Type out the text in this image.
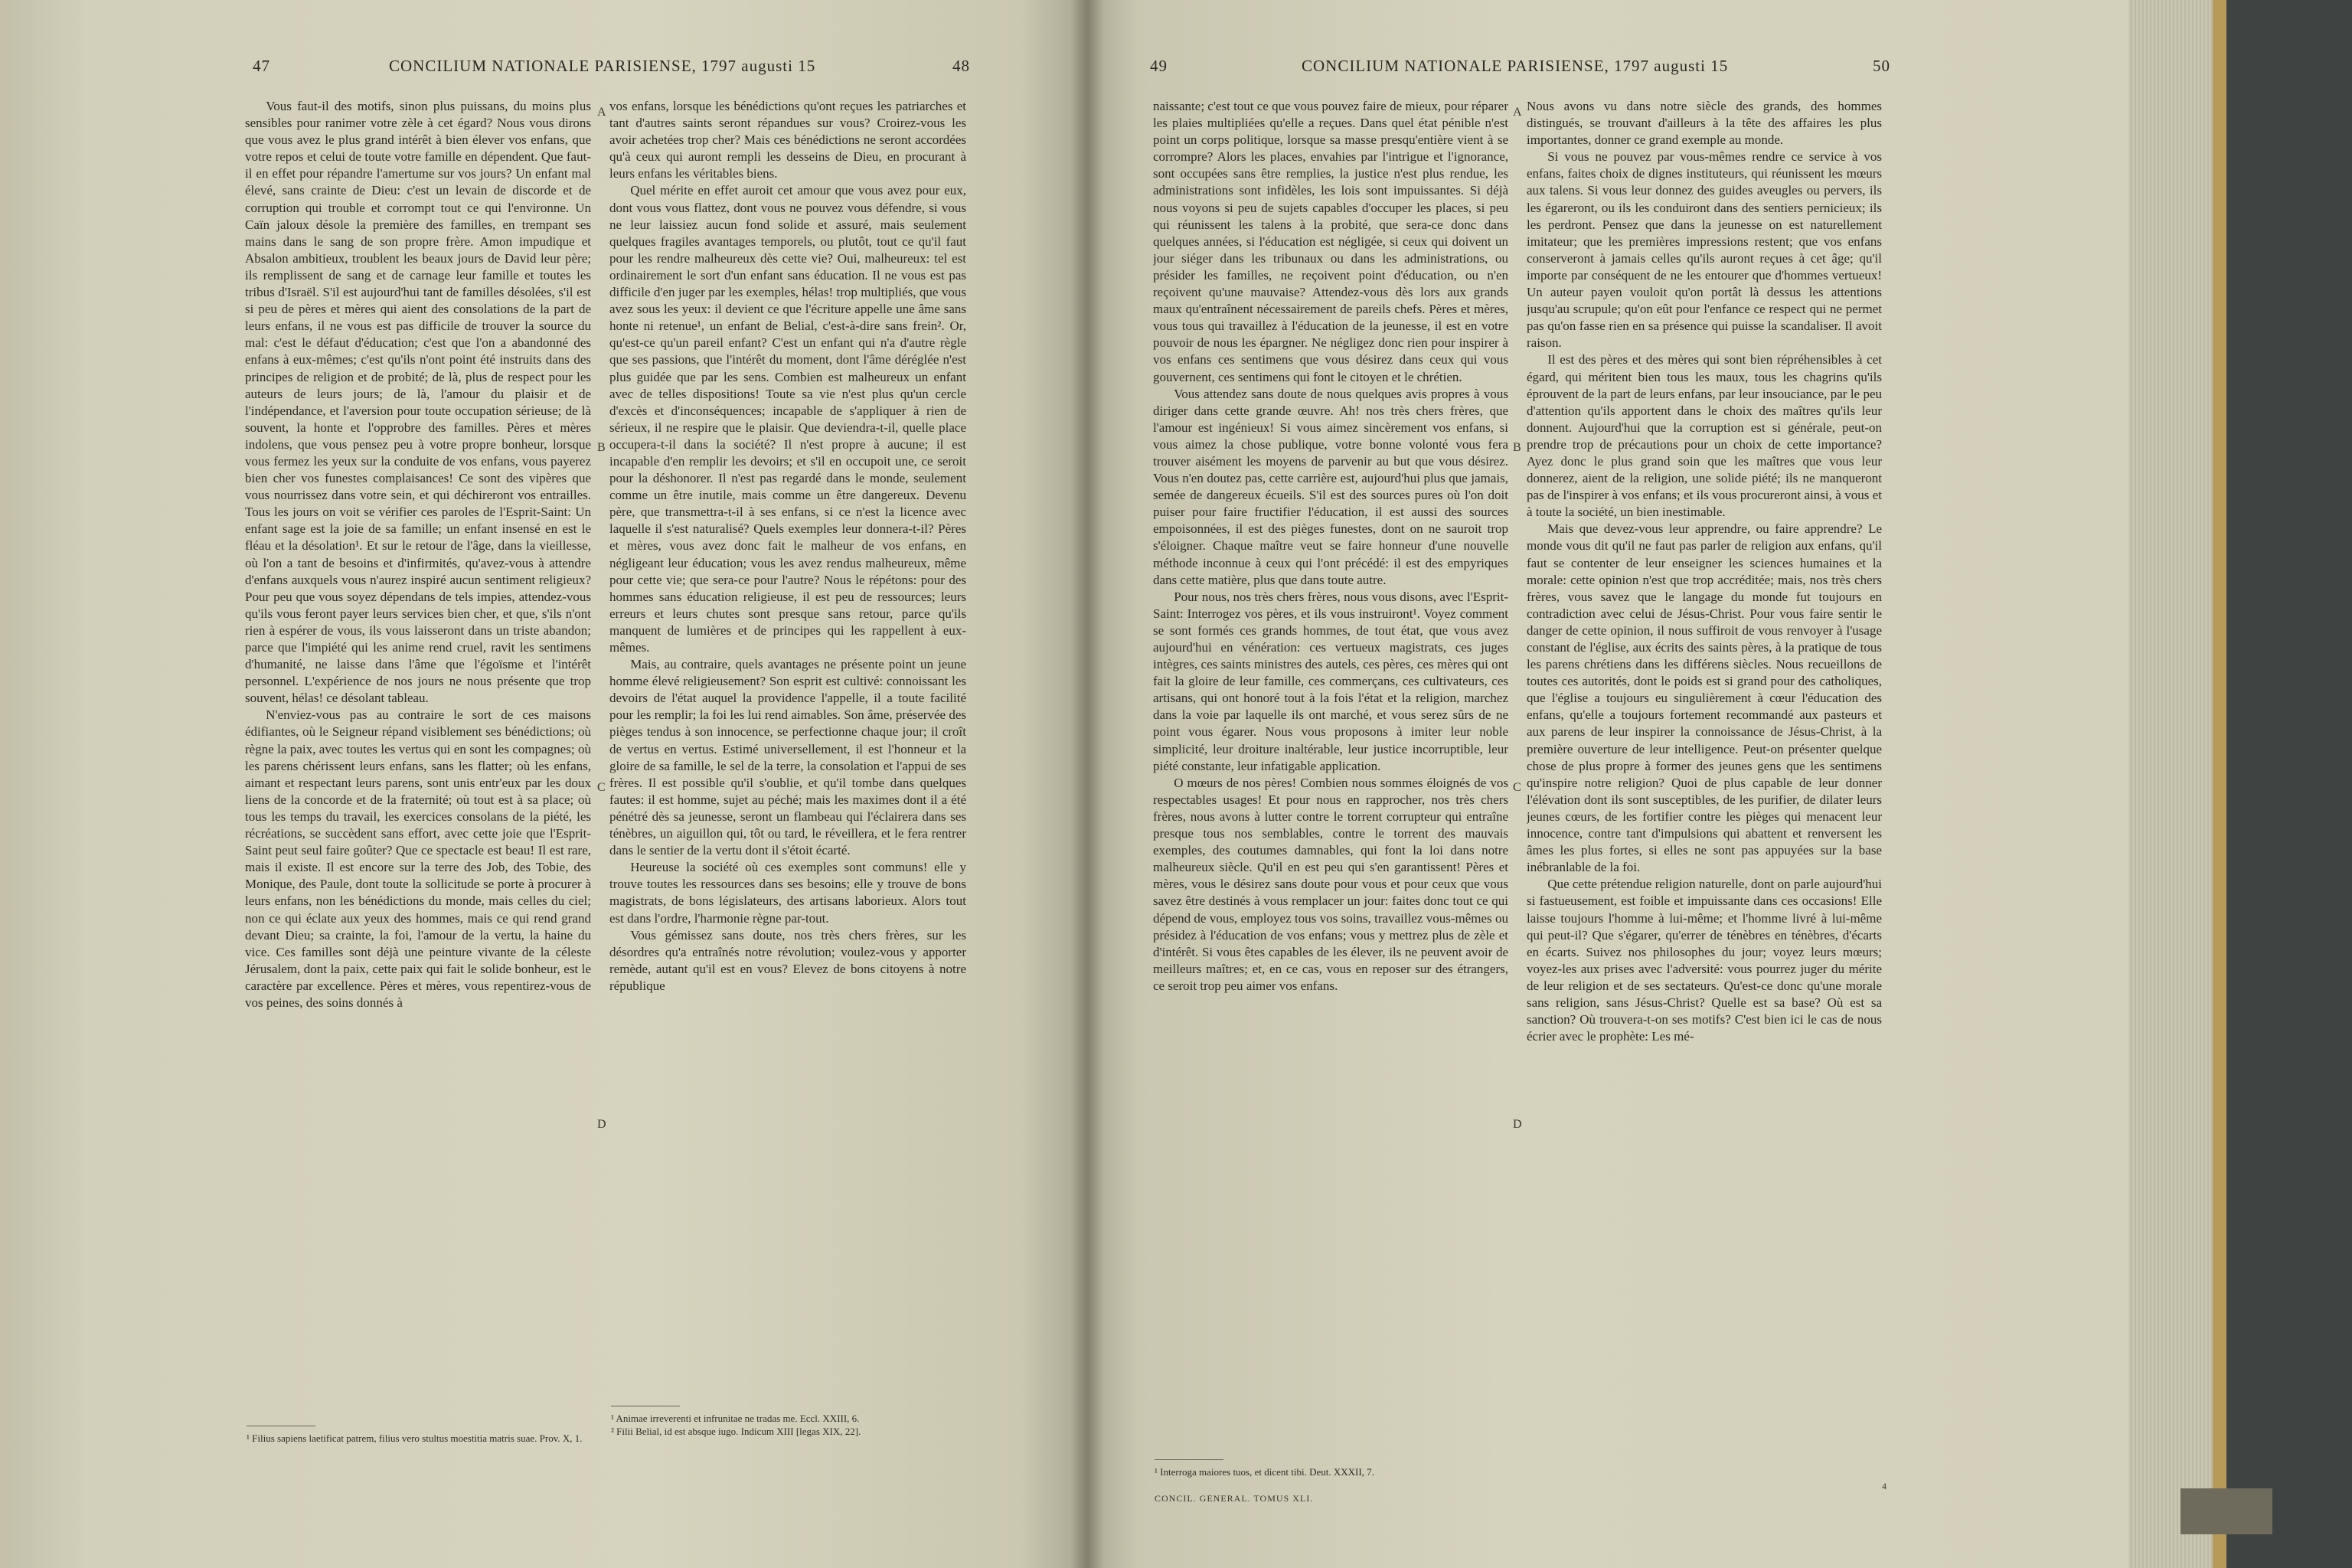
47	CONCILIUM NATIONALE PARISIENSE, 1797 augusti 15	48

Vous faut-il des motifs, sinon plus puissans, du moins plus sensibles pour ranimer votre zèle à cet égard? Nous vous dirons que vous avez le plus grand intérêt à bien élever vos enfans, que votre repos et celui de toute votre famille en dépendent. Que faut-il en effet pour répandre l'amertume sur vos jours? Un enfant mal élevé, sans crainte de Dieu: c'est un levain de discorde et de corruption qui trouble et corrompt tout ce qui l'environne. Un Caïn jaloux désole la première des familles, en trempant ses mains dans le sang de son propre frère. Amon impudique et Absalon ambitieux, troublent les beaux jours de David leur père; ils remplissent de sang et de carnage leur famille et toutes les tribus d'Israël. S'il est aujourd'hui tant de familles désolées, s'il est si peu de pères et mères qui aient des consolations de la part de leurs enfans, il ne vous est pas difficile de trouver la source du mal: c'est le défaut d'éducation; c'est que l'on a abandonné des enfans à eux-mêmes; c'est qu'ils n'ont point été instruits dans des principes de religion et de probité; de là, plus de respect pour les auteurs de leurs jours; de là, l'amour du plaisir et de l'indépendance, et l'aversion pour toute occupation sérieuse; de là souvent, la honte et l'opprobre des familles. Pères et mères indolens, que vous pensez peu à votre propre bonheur, lorsque vous fermez les yeux sur la conduite de vos enfans, vous payerez bien cher vos funestes complaisances! Ce sont des vipères que vous nourrissez dans votre sein, et qui déchireront vos entrailles. Tous les jours on voit se vérifier ces paroles de l'Esprit-Saint: Un enfant sage est la joie de sa famille; un enfant insensé en est le fléau et la désolation¹. Et sur le retour de l'âge, dans la vieillesse, où l'on a tant de besoins et d'infirmités, qu'avez-vous à attendre d'enfans auxquels vous n'aurez inspiré aucun sentiment religieux? Pour peu que vous soyez dépendans de tels impies, attendez-vous qu'ils vous feront payer leurs services bien cher, et que, s'ils n'ont rien à espérer de vous, ils vous laisseront dans un triste abandon; parce que l'impiété qui les anime rend cruel, ravit les sentimens d'humanité, ne laisse dans l'âme que l'égoïsme et l'intérêt personnel. L'expérience de nos jours ne nous présente que trop souvent, hélas! ce désolant tableau.

N'enviez-vous pas au contraire le sort de ces maisons édifiantes, où le Seigneur répand visiblement ses bénédictions; où règne la paix, avec toutes les vertus qui en sont les compagnes; où les parens chérissent leurs enfans, sans les flatter; où les enfans, aimant et respectant leurs parens, sont unis entr'eux par les doux liens de la concorde et de la fraternité; où tout est à sa place; où tous les temps du travail, les exercices consolans de la piété, les récréations, se succèdent sans effort, avec cette joie que l'Esprit-Saint peut seul faire goûter? Que ce spectacle est beau! Il est rare, mais il existe. Il est encore sur la terre des Job, des Tobie, des Monique, des Paule, dont toute la sollicitude se porte à procurer à leurs enfans, non les bénédictions du monde, mais celles du ciel; non ce qui éclate aux yeux des hommes, mais ce qui rend grand devant Dieu; sa crainte, la foi, l'amour de la vertu, la haine du vice. Ces familles sont déjà une peinture vivante de la céleste Jérusalem, dont la paix, cette paix qui fait le solide bonheur, est le caractère par excellence. Pères et mères, vous repentirez-vous de vos peines, des soins donnés à

A
B
C
D

vos enfans, lorsque les bénédictions qu'ont reçues les patriarches et tant d'autres saints seront répandues sur vous? Croirez-vous les avoir achetées trop cher? Mais ces bénédictions ne seront accordées qu'à ceux qui auront rempli les desseins de Dieu, en procurant à leurs enfans les véritables biens.

Quel mérite en effet auroit cet amour que vous avez pour eux, dont vous vous flattez, dont vous ne pouvez vous défendre, si vous ne leur laissiez aucun fond solide et assuré, mais seulement quelques fragiles avantages temporels, ou plutôt, tout ce qu'il faut pour les rendre malheureux dès cette vie? Oui, malheureux: tel est ordinairement le sort d'un enfant sans éducation. Il ne vous est pas difficile d'en juger par les exemples, hélas! trop multipliés, que vous avez sous les yeux: il devient ce que l'écriture appelle une âme sans honte ni retenue¹, un enfant de Belial, c'est-à-dire sans frein². Or, qu'est-ce qu'un pareil enfant? C'est un enfant qui n'a d'autre règle que ses passions, que l'intérêt du moment, dont l'âme déréglée n'est plus guidée que par les sens. Combien est malheureux un enfant avec de telles dispositions! Toute sa vie n'est plus qu'un cercle d'excès et d'inconséquences; incapable de s'appliquer à rien de sérieux, il ne respire que le plaisir. Que deviendra-t-il, quelle place occupera-t-il dans la société? Il n'est propre à aucune; il est incapable d'en remplir les devoirs; et s'il en occupoit une, ce seroit pour la déshonorer. Il n'est pas regardé dans le monde, seulement comme un être inutile, mais comme un être dangereux. Devenu père, que transmettra-t-il à ses enfans, si ce n'est la licence avec laquelle il s'est naturalisé? Quels exemples leur donnera-t-il? Pères et mères, vous avez donc fait le malheur de vos enfans, en négligeant leur éducation; vous les avez rendus malheureux, même pour cette vie; que sera-ce pour l'autre? Nous le répétons: pour des hommes sans éducation religieuse, il est peu de ressources; leurs erreurs et leurs chutes sont presque sans retour, parce qu'ils manquent de lumières et de principes qui les rappellent à eux-mêmes.

Mais, au contraire, quels avantages ne présente point un jeune homme élevé religieusement? Son esprit est cultivé: connoissant les devoirs de l'état auquel la providence l'appelle, il a toute facilité pour les remplir; la foi les lui rend aimables. Son âme, préservée des pièges tendus à son innocence, se perfectionne chaque jour; il croît de vertus en vertus. Estimé universellement, il est l'honneur et la gloire de sa famille, le sel de la terre, la consolation et l'appui de ses frères. Il est possible qu'il s'oublie, et qu'il tombe dans quelques fautes: il est homme, sujet au péché; mais les maximes dont il a été pénétré dès sa jeunesse, seront un flambeau qui l'éclairera dans ses ténèbres, un aiguillon qui, tôt ou tard, le réveillera, et le fera rentrer dans le sentier de la vertu dont il s'étoit écarté.

Heureuse la société où ces exemples sont communs! elle y trouve toutes les ressources dans ses besoins; elle y trouve de bons magistrats, de bons législateurs, des artisans laborieux. Alors tout est dans l'ordre, l'harmonie règne par-tout.

Vous gémissez sans doute, nos très chers frères, sur les désordres qu'a entraînés notre révolution; voulez-vous y apporter remède, autant qu'il est en vous? Elevez de bons citoyens à notre république

¹ Filius sapiens laetificat patrem, filius vero stultus moestitia matris suae. Prov. X, 1.
¹ Animae irreverenti et infrunitae ne tradas me. Eccl. XXIII, 6.
² Filii Belial, id est absque iugo. Indicum XIII [legas XIX, 22].
49	CONCILIUM NATIONALE PARISIENSE, 1797 augusti 15	50

naissante; c'est tout ce que vous pouvez faire de mieux, pour réparer les plaies multipliées qu'elle a reçues. Dans quel état pénible n'est point un corps politique, lorsque sa masse presqu'entière vient à se corrompre? Alors les places, envahies par l'intrigue et l'ignorance, sont occupées sans être remplies, la justice n'est plus rendue, les administrations sont infidèles, les lois sont impuissantes. Si déjà nous voyons si peu de sujets capables d'occuper les places, si peu qui réunissent les talens à la probité, que sera-ce donc dans quelques années, si l'éducation est négligée, si ceux qui doivent un jour siéger dans les tribunaux ou dans les administrations, ou présider les familles, ne reçoivent point d'éducation, ou n'en reçoivent qu'une mauvaise? Attendez-vous dès lors aux grands maux qu'entraînent nécessairement de pareils chefs. Pères et mères, vous tous qui travaillez à l'éducation de la jeunesse, il est en votre pouvoir de nous les épargner. Ne négligez donc rien pour inspirer à vos enfans ces sentimens que vous désirez dans ceux qui vous gouvernent, ces sentimens qui font le citoyen et le chrétien.

Vous attendez sans doute de nous quelques avis propres à vous diriger dans cette grande œuvre. Ah! nos très chers frères, que l'amour est ingénieux! Si vous aimez sincèrement vos enfans, si vous aimez la chose publique, votre bonne volonté vous fera trouver aisément les moyens de parvenir au but que vous désirez. Vous n'en doutez pas, cette carrière est, aujourd'hui plus que jamais, semée de dangereux écueils. S'il est des sources pures où l'on doit puiser pour faire fructifier l'éducation, il est aussi des sources empoisonnées, il est des pièges funestes, dont on ne sauroit trop s'éloigner. Chaque maître veut se faire honneur d'une nouvelle méthode inconnue à ceux qui l'ont précédé: il est des empyriques dans cette matière, plus que dans toute autre.

Pour nous, nos très chers frères, nous vous disons, avec l'Esprit-Saint: Interrogez vos pères, et ils vous instruiront¹. Voyez comment se sont formés ces grands hommes, de tout état, que vous avez aujourd'hui en vénération: ces vertueux magistrats, ces juges intègres, ces saints ministres des autels, ces pères, ces mères qui ont fait la gloire de leur famille, ces commerçans, ces cultivateurs, ces artisans, qui ont honoré tout à la fois l'état et la religion, marchez dans la voie par laquelle ils ont marché, et vous serez sûrs de ne point vous égarer. Nous vous proposons à imiter leur noble simplicité, leur droiture inaltérable, leur justice incorruptible, leur piété constante, leur infatigable application.

O mœurs de nos pères! Combien nous sommes éloignés de vos respectables usages! Et pour nous en rapprocher, nos très chers frères, nous avons à lutter contre le torrent corrupteur qui entraîne presque tous nos semblables, contre le torrent des mauvais exemples, des coutumes damnables, qui font la loi dans notre malheureux siècle. Qu'il en est peu qui s'en garantissent! Pères et mères, vous le désirez sans doute pour vous et pour ceux que vous savez être destinés à vous remplacer un jour: faites donc tout ce qui dépend de vous, employez tous vos soins, travaillez vous-mêmes ou présidez à l'éducation de vos enfans; vous y mettrez plus de zèle et d'intérêt. Si vous êtes capables de les élever, ils ne peuvent avoir de meilleurs maîtres; et, en ce cas, vous en reposer sur des étrangers, ce seroit trop peu aimer vos enfans.

A
B
C
D

Nous avons vu dans notre siècle des grands, des hommes distingués, se trouvant d'ailleurs à la tête des affaires les plus importantes, donner ce grand exemple au monde.

Si vous ne pouvez par vous-mêmes rendre ce service à vos enfans, faites choix de dignes instituteurs, qui réunissent les mœurs aux talens. Si vous leur donnez des guides aveugles ou pervers, ils les égareront, ou ils les conduiront dans des sentiers pernicieux; ils les perdront. Pensez que dans la jeunesse on est naturellement imitateur; que les premières impressions restent; que vos enfans conserveront à jamais celles qu'ils auront reçues à cet âge; qu'il importe par conséquent de ne les entourer que d'hommes vertueux! Un auteur payen vouloit qu'on portât là dessus les attentions jusqu'au scrupule; qu'on eût pour l'enfance ce respect qui ne permet pas qu'on fasse rien en sa présence qui puisse la scandaliser. Il avoit raison.

Il est des pères et des mères qui sont bien répréhensibles à cet égard, qui méritent bien tous les maux, tous les chagrins qu'ils éprouvent de la part de leurs enfans, par leur insouciance, par le peu d'attention qu'ils apportent dans le choix des maîtres qu'ils leur donnent. Aujourd'hui que la corruption est si générale, peut-on prendre trop de précautions pour un choix de cette importance? Ayez donc le plus grand soin que les maîtres que vous leur donnerez, aient de la religion, une solide piété; ils ne manqueront pas de l'inspirer à vos enfans; et ils vous procureront ainsi, à vous et à toute la société, un bien inestimable.

Mais que devez-vous leur apprendre, ou faire apprendre? Le monde vous dit qu'il ne faut pas parler de religion aux enfans, qu'il faut se contenter de leur enseigner les sciences humaines et la morale: cette opinion n'est que trop accréditée; mais, nos très chers frères, vous savez que le langage du monde fut toujours en contradiction avec celui de Jésus-Christ. Pour vous faire sentir le danger de cette opinion, il nous suffiroit de vous renvoyer à l'usage constant de l'église, aux écrits des saints pères, à la pratique de tous les parens chrétiens dans les différens siècles. Nous recueillons de toutes ces autorités, dont le poids est si grand pour des catholiques, que l'église a toujours eu singulièrement à cœur l'éducation des enfans, qu'elle a toujours fortement recommandé aux pasteurs et aux parens de leur inspirer la connoissance de Jésus-Christ, à la première ouverture de leur intelligence. Peut-on présenter quelque chose de plus propre à former des jeunes gens que les sentimens qu'inspire notre religion? Quoi de plus capable de leur donner l'élévation dont ils sont susceptibles, de les purifier, de dilater leurs jeunes cœurs, de les fortifier contre les pièges qui menacent leur innocence, contre tant d'impulsions qui abattent et renversent les âmes les plus fortes, si elles ne sont pas appuyées sur la base inébranlable de la foi.

Que cette prétendue religion naturelle, dont on parle aujourd'hui si fastueusement, est foible et impuissante dans ces occasions! Elle laisse toujours l'homme à lui-même; et l'homme livré à lui-même qui peut-il? Que s'égarer, qu'errer de ténèbres en ténèbres, d'écarts en écarts. Suivez nos philosophes du jour; voyez leurs mœurs; voyez-les aux prises avec l'adversité: vous pourrez juger du mérite de leur religion et de ses sectateurs. Qu'est-ce donc qu'une morale sans religion, sans Jésus-Christ? Quelle est sa base? Où est sa sanction? Où trouvera-t-on ses motifs? C'est bien ici le cas de nous écrier avec le prophète: Les mé-

¹ Interroga maiores tuos, et dicent tibi. Deut. XXXII, 7.
CONCIL. GENERAL. TOMUS XLI.
4
